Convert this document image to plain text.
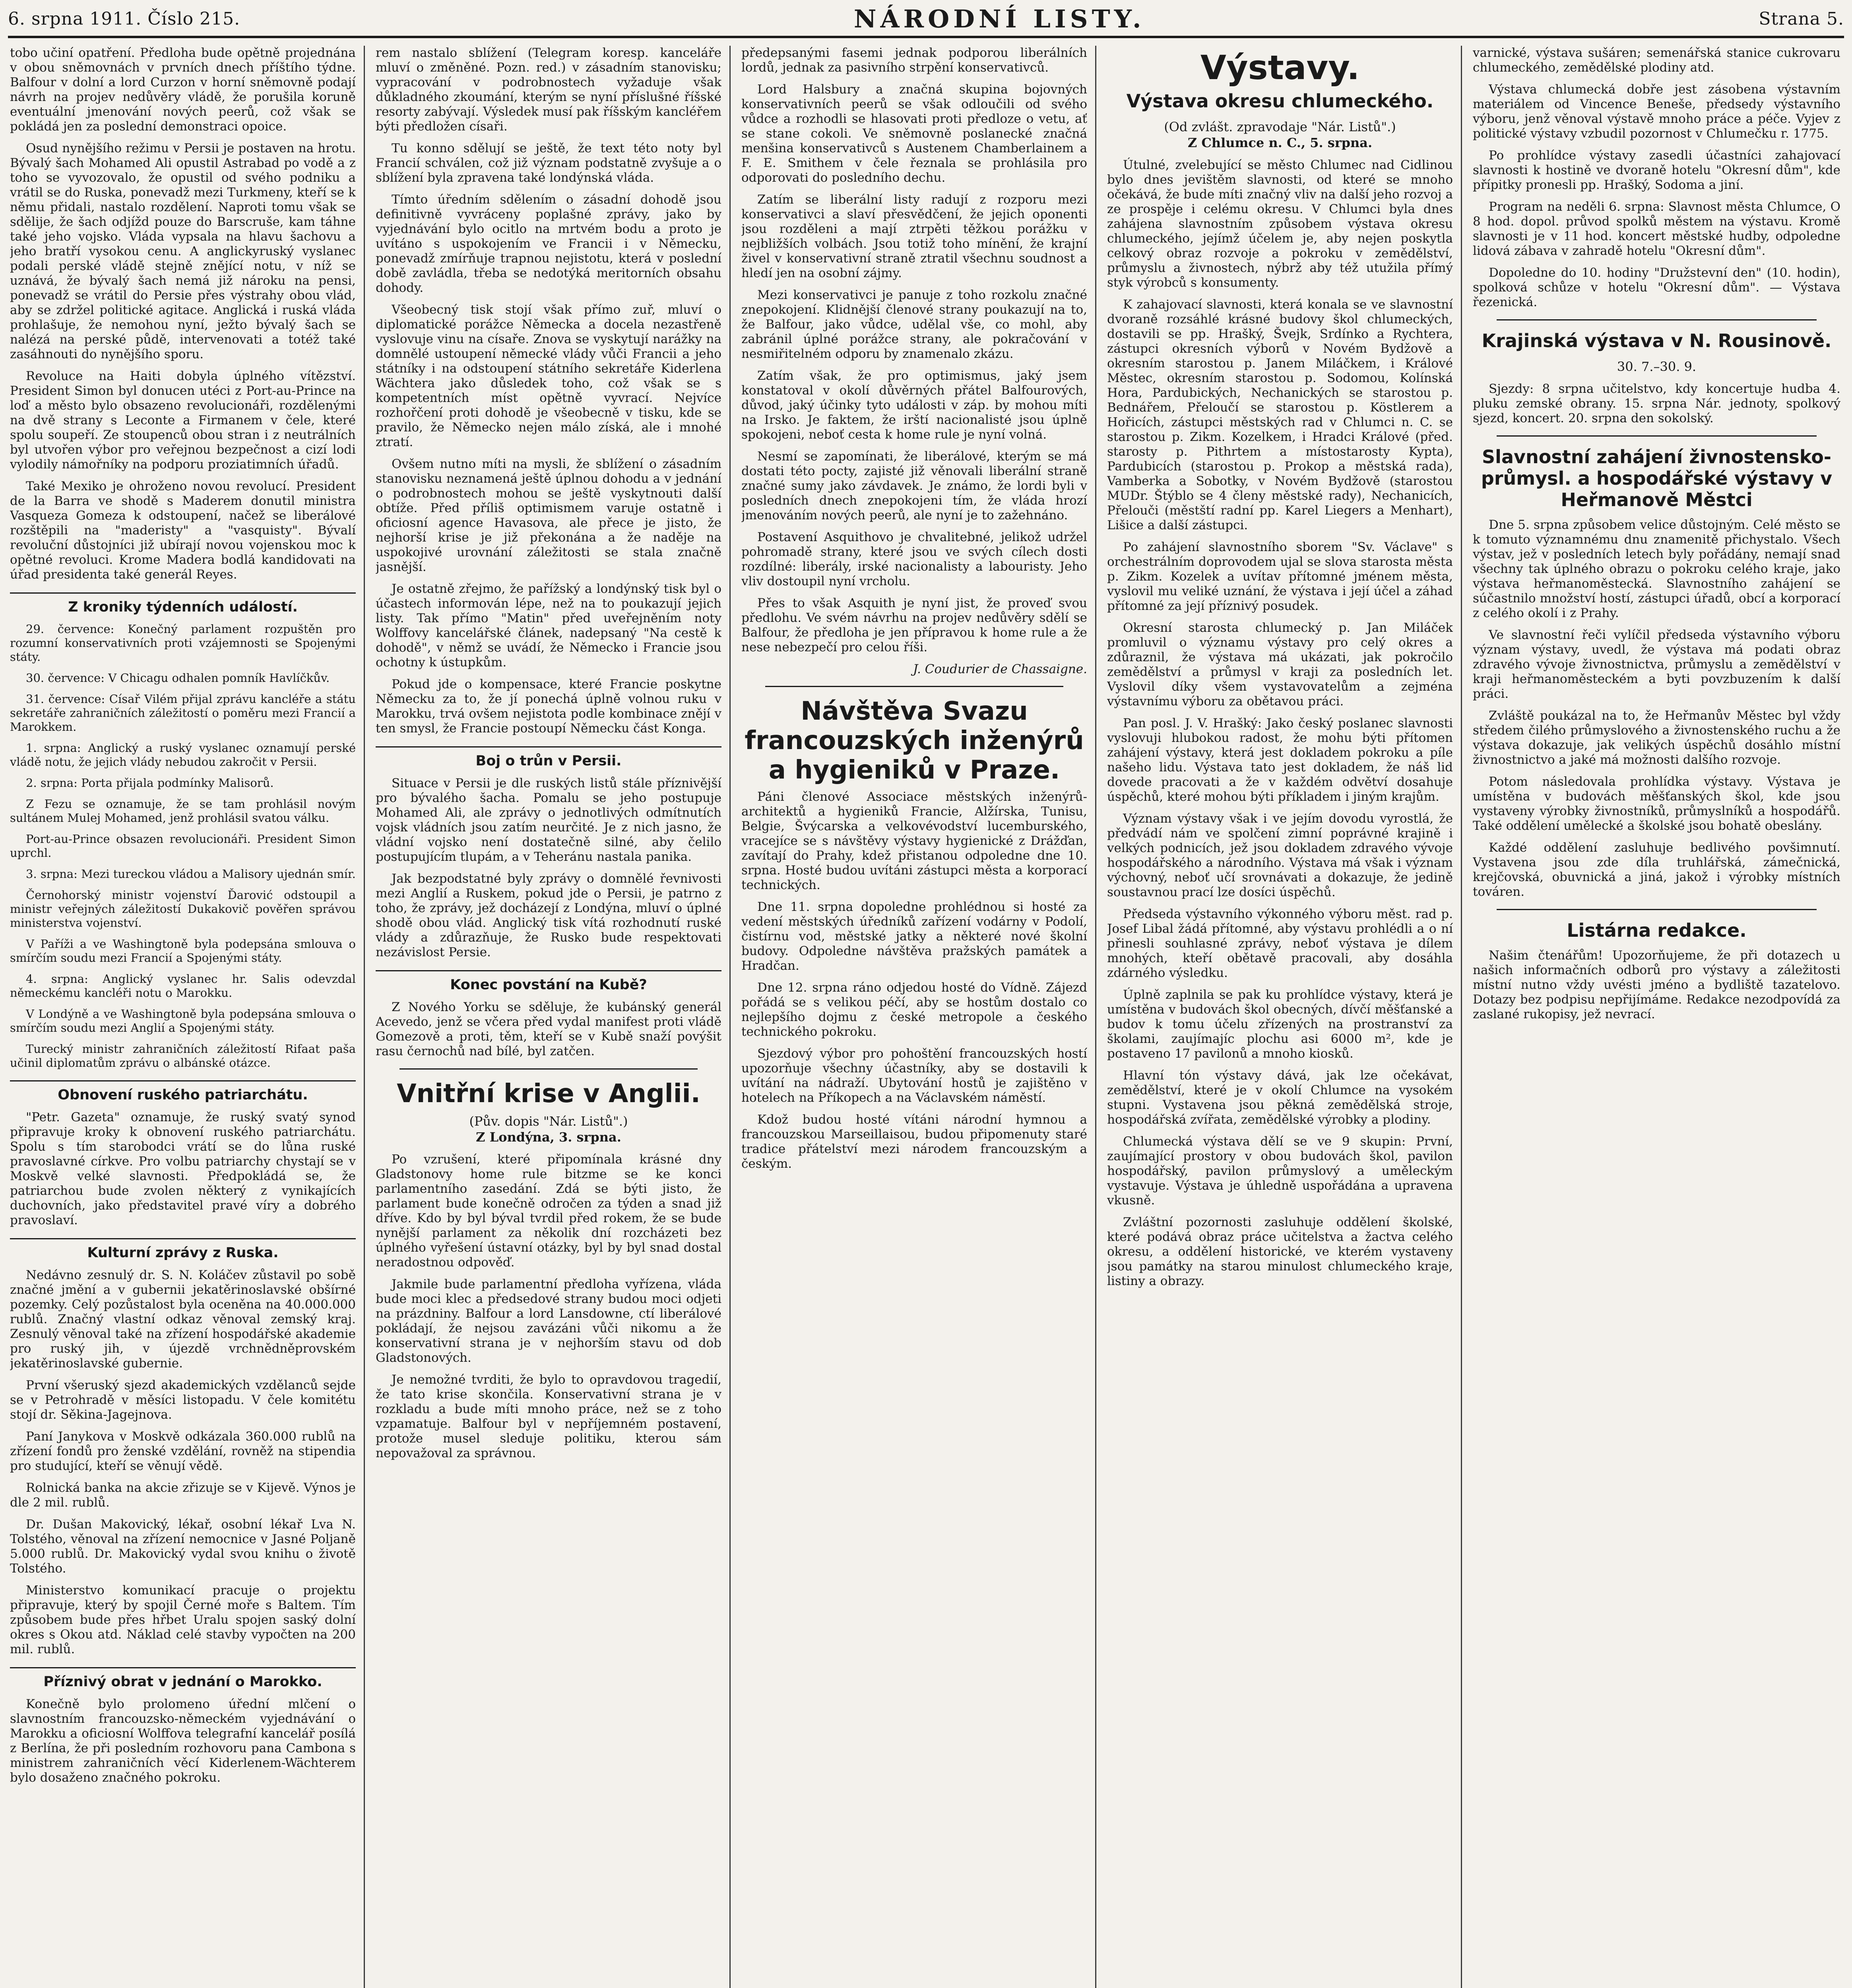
6. srpna 1911. Číslo 215.	NÁRODNÍ LISTY.	Strana 5.

tobo učiní opatření. Předloha bude opětně projednána v obou sněmovnách v prvních dnech příštího týdne. Balfour v dolní a lord Curzon v horní sněmovně podají návrh na projev nedůvěry vládě, že porušila koruně eventuální jmenování nových peerů, což však se pokládá jen za poslední demonstraci opoice.

Osud nynějšího režimu v Persii je postaven na hrotu. Bývalý šach Mohamed Ali opustil Astrabad po vodě a z toho se vyvozovalo, že opustil od svého podniku a vrátil se do Ruska, ponevadž mezi Turkmeny, kteří se k němu přidali, nastalo rozdělení. Naproti tomu však se sdělije, že šach odjížd pouze do Barscruše, kam táhne také jeho vojsko. Vláda vypsala na hlavu šachovu a jeho bratří vysokou cenu. A anglickyruský vyslanec podali perské vládě stejně znějící notu, v níž se uznává, že bývalý šach nemá již nároku na pensi, ponevadž se vrátil do Persie přes výstrahy obou vlád, aby se zdržel politické agitace. Anglická i ruská vláda prohlašuje, že nemohou nyní, ježto bývalý šach se nalézá na perské půdě, intervenovati a totéž také zasáhnouti do nynějšího sporu.

Revoluce na Haiti dobyla úplného vítězství. President Simon byl donucen utéci z Port-au-Prince na loď a město bylo obsazeno revolucionáři, rozdělenými na dvě strany s Leconte a Firmanem v čele, které spolu soupeří. Ze stoupenců obou stran i z neutrálních byl utvořen výbor pro veřejnou bezpečnost a cizí lodi vylodily námořníky na podporu proziatimních úřadů.

Také Mexiko je ohroženo novou revolucí. President de la Barra ve shodě s Maderem donutil ministra Vasqueza Gomeza k odstoupení, načež se liberálové rozštěpili na "maderisty" a "vasquisty". Bývalí revoluční důstojníci již ubírají novou vojenskou moc k opětné revoluci. Krome Madera bodlá kandidovati na úřad presidenta také generál Reyes.

Z kroniky týdenních událostí.

29. července: Konečný parlament rozpuštěn pro rozumní konservativních proti vzájemnosti se Spojenými státy.

30. července: V Chicagu odhalen pomník Havlíčkův.

31. července: Císař Vilém přijal zprávu kancléře a státu sekretáře zahraničních záležitostí o poměru mezi Francií a Marokkem.

1. srpna: Anglický a ruský vyslanec oznamují perské vládě notu, že jejich vlády nebudou zakročit v Persii.

2. srpna: Porta přijala podmínky Malisorů.

Z Fezu se oznamuje, že se tam prohlásil novým sultánem Mulej Mohamed, jenž prohlásil svatou válku.

Port-au-Prince obsazen revolucionáři. President Simon uprchl.

3. srpna: Mezi tureckou vládou a Malisory ujednán smír.

Černohorský ministr vojenství Ďarović odstoupil a ministr veřejných záležitostí Dukakovič pověřen správou ministerstva vojenství.

V Paříži a ve Washingtoně byla podepsána smlouva o smírčím soudu mezi Francií a Spojenými státy.

4. srpna: Anglický vyslanec hr. Salis odevzdal německému kancléři notu o Marokku.

V Londýně a ve Washingtoně byla podepsána smlouva o smírčím soudu mezi Anglií a Spojenými státy.

Turecký ministr zahraničních záležitostí Rifaat paša učinil diplomatům zprávu o albánské otázce.

Obnovení ruského patriarchátu.

"Petr. Gazeta" oznamuje, že ruský svatý synod připravuje kroky k obnovení ruského patriarchátu. Spolu s tím starobodci vrátí se do lůna ruské pravoslavné církve. Pro volbu patriarchy chystají se v Moskvě velké slavnosti. Předpokládá se, že patriarchou bude zvolen některý z vynikajících duchovních, jako představitel pravé víry a dobrého pravoslaví.

Kulturní zprávy z Ruska.

Nedávno zesnulý dr. S. N. Koláčev zůstavil po sobě značné jmění a v gubernii jekatěrinoslavské obšírné pozemky. Celý pozůstalost byla oceněna na 40.000.000 rublů. Značný vlastní odkaz věnoval zemský kraj. Zesnulý věnoval také na zřízení hospodářské akademie pro ruský jih, v újezdě vrchnědněprovském jekatěrinoslavské gubernie.

První všeruský sjezd akademických vzdělanců sejde se v Petrohradě v měsíci listopadu. V čele komitétu stojí dr. Sěkina-Jagejnova.

Paní Janykova v Moskvě odkázala 360.000 rublů na zřízení fondů pro ženské vzdělání, rovněž na stipendia pro studující, kteří se věnují vědě.

Rolnická banka na akcie zřizuje se v Kijevě. Výnos je dle 2 mil. rublů.

Dr. Dušan Makovický, lékař, osobní lékař Lva N. Tolstého, věnoval na zřízení nemocnice v Jasné Poljaně 5.000 rublů. Dr. Makovický vydal svou knihu o životě Tolstého.

Ministerstvo komunikací pracuje o projektu připravuje, který by spojil Černé moře s Baltem. Tím způsobem bude přes hřbet Uralu spojen saský dolní okres s Okou atd. Náklad celé stavby vypočten na 200 mil. rublů.

Příznivý obrat v jednání o Marokko.

Konečně bylo prolomeno úřední mlčení o slavnostním francouzsko-německém vyjednávání o Marokku a oficiosní Wolffova telegrafní kancelář posílá z Berlína, že při posledním rozhovoru pana Cambona s ministrem zahraničních věcí Kiderlenem-Wächterem bylo dosaženo značného pokroku.

rem nastalo sblížení (Telegram koresp. kanceláře mluví o změněné. Pozn. red.) v zásadním stanovisku; vypracování v podrobnostech vyžaduje však důkladného zkoumání, kterým se nyní příslušné říšské resorty zabývají. Výsledek musí pak říšským kancléřem býti předložen císaři.

Tu konno sdělují se ještě, že text této noty byl Francií schválen, což již význam podstatně zvyšuje a o sblížení byla zpravena také londýnská vláda.

Tímto úředním sdělením o zásadní dohodě jsou definitivně vyvráceny poplašné zprávy, jako by vyjednávání bylo ocitlo na mrtvém bodu a proto je uvítáno s uspokojením ve Francii i v Německu, ponevadž zmírňuje trapnou nejistotu, která v poslední době zavládla, třeba se nedotýká meritorních obsahu dohody.

Všeobecný tisk stojí však přímo zuř, mluví o diplomatické porážce Německa a docela nezastřeně vyslovuje vinu na císaře. Znova se vyskytují narážky na domnělé ustoupení německé vlády vůči Francii a jeho státníky i na odstoupení státního sekretáře Kiderlena Wächtera jako důsledek toho, což však se s kompetentních míst opětně vyvrací. Nejvíce rozhořčení proti dohodě je všeobecně v tisku, kde se pravilo, že Německo nejen málo získá, ale i mnohé ztratí.

Ovšem nutno míti na mysli, že sblížení o zásadním stanovisku neznamená ještě úplnou dohodu a v jednání o podrobnostech mohou se ještě vyskytnouti další obtíže. Před příliš optimismem varuje ostatně i oficiosní agence Havasova, ale přece je jisto, že nejhorší krise je již překonána a že naděje na uspokojivé urovnání záležitosti se stala značně jasnější.

Je ostatně zřejmo, že pařížský a londýnský tisk byl o účastech informován lépe, než na to poukazují jejich listy. Tak přímo "Matin" před uveřejněním noty Wolffovy kancelářské článek, nadepsaný "Na cestě k dohodě", v němž se uvádí, že Německo i Francie jsou ochotny k ústupkům.

Pokud jde o kompensace, které Francie poskytne Německu za to, že jí ponechá úplně volnou ruku v Marokku, trvá ovšem nejistota podle kombinace znějí v ten smysl, že Francie postoupí Německu část Konga.

Boj o trůn v Persii.

Situace v Persii je dle ruských listů stále příznivější pro bývalého šacha. Pomalu se jeho postupuje Mohamed Ali, ale zprávy o jednotlivých odmítnutích vojsk vládních jsou zatím neurčité. Je z nich jasno, že vládní vojsko není dostatečně silné, aby čelilo postupujícím tlupám, a v Teheránu nastala panika.

Jak bezpodstatné byly zprávy o domnělé řevnivosti mezi Anglií a Ruskem, pokud jde o Persii, je patrno z toho, že zprávy, jež docházejí z Londýna, mluví o úplné shodě obou vlád. Anglický tisk vítá rozhodnutí ruské vlády a zdůrazňuje, že Rusko bude respektovati nezávislost Persie.

Konec povstání na Kubě?

Z Nového Yorku se sděluje, že kubánský generál Acevedo, jenž se včera před vydal manifest proti vládě Gomezově a proti, těm, kteří se v Kubě snaží povýšit rasu černochů nad bílé, byl zatčen.

Vnitřní krise v Anglii.
(Pův. dopis "Nár. Listů".)
Z Londýna, 3. srpna.

Po vzrušení, které připomínala krásné dny Gladstonovy home rule bitzme se ke konci parlamentního zasedání. Zdá se býti jisto, že parlament bude konečně odročen za týden a snad již dříve. Kdo by byl býval tvrdil před rokem, že se bude nynější parlament za několik dní rozcházeti bez úplného vyřešení ústavní otázky, byl by byl snad dostal neradostnou odpověď.

Jakmile bude parlamentní předloha vyřízena, vláda bude moci klec a předsedové strany budou moci odjeti na prázdniny. Balfour a lord Lansdowne, ctí liberálové pokládají, že nejsou zavázáni vůči nikomu a že konservativní strana je v nejhorším stavu od dob Gladstonových.

Je nemožné tvrditi, že bylo to opravdovou tragedií, že tato krise skončila. Konservativní strana je v rozkladu a bude míti mnoho práce, než se z toho vzpamatuje. Balfour byl v nepříjemném postavení, protože musel sleduje politiku, kterou sám nepovažoval za správnou.

předepsanými fasemi jednak podporou liberálních lordů, jednak za pasivního strpění konservativců.

Lord Halsbury a značná skupina bojovných konservativních peerů se však odloučili od svého vůdce a rozhodli se hlasovati proti předloze o vetu, ať se stane cokoli. Ve sněmovně poslanecké značná menšina konservativců s Austenem Chamberlainem a F. E. Smithem v čele řeznala se prohlásila pro odporovati do posledního dechu.

Zatím se liberální listy radují z rozporu mezi konservativci a slaví přesvědčení, že jejich oponenti jsou rozděleni a mají ztrpěti těžkou porážku v nejbližších volbách. Jsou totiž toho mínění, že krajní živel v konservativní straně ztratil všechnu soudnost a hledí jen na osobní zájmy.

Mezi konservativci je panuje z toho rozkolu značné znepokojení. Klidnější členové strany poukazují na to, že Balfour, jako vůdce, udělal vše, co mohl, aby zabránil úplné porážce strany, ale pokračování v nesmiřitelném odporu by znamenalo zkázu.

Zatím však, že pro optimismus, jaký jsem konstatoval v okolí důvěrných přátel Balfourových, důvod, jaký účinky tyto události v záp. by mohou míti na Irsko. Je faktem, že irští nacionalisté jsou úplně spokojeni, neboť cesta k home rule je nyní volná.

Nesmí se zapomínati, že liberálové, kterým se má dostati této pocty, zajisté již věnovali liberální straně značné sumy jako závdavek. Je známo, že lordi byli v posledních dnech znepokojeni tím, že vláda hrozí jmenováním nových peerů, ale nyní je to zažehnáno.

Postavení Asquithovo je chvalitebné, jelikož udržel pohromadě strany, které jsou ve svých cílech dosti rozdílné: liberály, irské nacionalisty a labouristy. Jeho vliv dostoupil nyní vrcholu.

Přes to však Asquith je nyní jist, že proveď svou předlohu. Ve svém návrhu na projev nedůvěry sdělí se Balfour, že předloha je jen přípravou k home rule a že nese nebezpečí pro celou říši.

J. Coudurier de Chassaigne.
Návštěva Svazu francouzských inženýrů a hygieniků v Praze.

Páni členové Associace městských inženýrů-architektů a hygieniků Francie, Alžírska, Tunisu, Belgie, Švýcarska a velkovévodství lucemburského, vracejíce se s návštěvy výstavy hygienické z Drážďan, zavítají do Prahy, kdež přistanou odpoledne dne 10. srpna. Hosté budou uvítáni zástupci města a korporací technických.

Dne 11. srpna dopoledne prohlédnou si hosté za vedení městských úředníků zařízení vodárny v Podolí, čistírnu vod, městské jatky a některé nové školní budovy. Odpoledne návštěva pražských památek a Hradčan.

Dne 12. srpna ráno odjedou hosté do Vídně. Zájezd pořádá se s velikou péčí, aby se hostům dostalo co nejlepšího dojmu z české metropole a českého technického pokroku.

Sjezdový výbor pro pohoštění francouzských hostí upozorňuje všechny účastníky, aby se dostavili k uvítání na nádraží. Ubytování hostů je zajištěno v hotelech na Příkopech a na Václavském náměstí.

Kdož budou hosté vítáni národní hymnou a francouzskou Marseillaisou, budou připomenuty staré tradice přátelství mezi národem francouzským a českým.

Výstavy.
Výstava okresu chlumeckého.
(Od zvlášt. zpravodaje "Nár. Listů".)
Z Chlumce n. C., 5. srpna.

Útulné, zvelebující se město Chlumec nad Cidlinou bylo dnes jevištěm slavnosti, od které se mnoho očekává, že bude míti značný vliv na další jeho rozvoj a ze prospěje i celému okresu. V Chlumci byla dnes zahájena slavnostním způsobem výstava okresu chlumeckého, jejímž účelem je, aby nejen poskytla celkový obraz rozvoje a pokroku v zemědělství, průmyslu a živnostech, nýbrž aby též utužila přímý styk výrobců s konsumenty.

K zahajovací slavnosti, která konala se ve slavnostní dvoraně rozsáhlé krásné budovy škol chlumeckých, dostavili se pp. Hrašký, Švejk, Srdínko a Rychtera, zástupci okresních výborů v Novém Bydžově a okresním starostou p. Janem Miláčkem, i Králové Městec, okresním starostou p. Sodomou, Kolínská Hora, Pardubických, Nechanických se starostou p. Bednářem, Přeloučí se starostou p. Köstlerem a Hořicích, zástupci městských rad v Chlumci n. C. se starostou p. Zikm. Kozelkem, i Hradci Králové (před. starosty p. Pithrtem a místostarosty Kypta), Pardubicích (starostou p. Prokop a městská rada), Vamberka a Sobotky, v Novém Bydžově (starostou MUDr. Štýblo se 4 členy městské rady), Nechanicích, Přelouči (městští radní pp. Karel Liegers a Menhart), Lišice a další zástupci.

Po zahájení slavnostního sborem "Sv. Václave" s orchestrálním doprovodem ujal se slova starosta města p. Zikm. Kozelek a uvítav přítomné jménem města, vyslovil mu veliké uznání, že výstava i její účel a záhad přítomné za její příznivý posudek.

Okresní starosta chlumecký p. Jan Miláček promluvil o významu výstavy pro celý okres a zdůraznil, že výstava má ukázati, jak pokročilo zemědělství a průmysl v kraji za posledních let. Vyslovil díky všem vystavovatelům a zejména výstavnímu výboru za obětavou práci.

Pan posl. J. V. Hrašký: Jako český poslanec slavnosti vyslovuji hlubokou radost, že mohu býti přítomen zahájení výstavy, která jest dokladem pokroku a píle našeho lidu. Výstava tato jest dokladem, že náš lid dovede pracovati a že v každém odvětví dosahuje úspěchů, které mohou býti příkladem i jiným krajům.

Význam výstavy však i ve jejím dovodu vyrostlá, že předvádí nám ve spolčení zimní poprávné krajině i velkých podnicích, jež jsou dokladem zdravého vývoje hospodářského a národního. Výstava má však i význam výchovný, neboť učí srovnávati a dokazuje, že jedině soustavnou prací lze dosíci úspěchů.

Předseda výstavního výkonného výboru měst. rad p. Josef Libal žádá přítomné, aby výstavu prohlédli a o ní přinesli souhlasné zprávy, neboť výstava je dílem mnohých, kteří obětavě pracovali, aby dosáhla zdárného výsledku.

Úplně zaplnila se pak ku prohlídce výstavy, která je umístěna v budovách škol obecných, dívčí měšťanské a budov k tomu účelu zřízených na prostranství za školami, zaujímajíc plochu asi 6000 m², kde je postaveno 17 pavilonů a mnoho kiosků.

Hlavní tón výstavy dává, jak lze očekávat, zemědělství, které je v okolí Chlumce na vysokém stupni. Vystavena jsou pěkná zemědělská stroje, hospodářská zvířata, zemědělské výrobky a plodiny.

Chlumecká výstava dělí se ve 9 skupin: První, zaujímající prostory v obou budovách škol, pavilon hospodářský, pavilon průmyslový a uměleckým vystavuje. Výstava je úhledně uspořádána a upravena vkusně.

Zvláštní pozornosti zasluhuje oddělení školské, které podává obraz práce učitelstva a žactva celého okresu, a oddělení historické, ve kterém vystaveny jsou památky na starou minulost chlumeckého kraje, listiny a obrazy.

varnické, výstava sušáren; semenářská stanice cukrovaru chlumeckého, zemědělské plodiny atd.

Výstava chlumecká dobře jest zásobena výstavním materiálem od Vincence Beneše, předsedy výstavního výboru, jenž věnoval výstavě mnoho práce a péče. Vyjev z politické výstavy vzbudil pozornost v Chlumečku r. 1775.

Po prohlídce výstavy zasedli účastníci zahajovací slavnosti k hostině ve dvoraně hotelu "Okresní dům", kde přípitky pronesli pp. Hrašký, Sodoma a jiní.

Program na neděli 6. srpna: Slavnost města Chlumce, O 8 hod. dopol. průvod spolků městem na výstavu. Kromě slavnosti je v 11 hod. koncert městské hudby, odpoledne lidová zábava v zahradě hotelu "Okresní dům".

Dopoledne do 10. hodiny "Družstevní den" (10. hodin), spolková schůze v hotelu "Okresní dům". — Výstava řezenická.

Krajinská výstava v N. Rousinově.
30. 7.–30. 9.

Sjezdy: 8 srpna učitelstvo, kdy koncertuje hudba 4. pluku zemské obrany. 15. srpna Nár. jednoty, spolkový sjezd, koncert. 20. srpna den sokolský.

Slavnostní zahájení živnostensko-průmysl. a hospodářské výstavy v Heřmanově Městci

Dne 5. srpna způsobem velice důstojným. Celé město se k tomuto významnému dnu znamenitě přichystalo. Všech výstav, jež v posledních letech byly pořádány, nemají snad všechny tak úplného obrazu o pokroku celého kraje, jako výstava heřmanoměstecká. Slavnostního zahájení se súčastnilo množství hostí, zástupci úřadů, obcí a korporací z celého okolí i z Prahy.

Ve slavnostní řeči vylíčil předseda výstavního výboru význam výstavy, uvedl, že výstava má podati obraz zdravého vývoje živnostnictva, průmyslu a zemědělství v kraji heřmanoměsteckém a byti povzbuzením k další práci.

Zvláště poukázal na to, že Heřmanův Městec byl vždy středem čilého průmyslového a živnostenského ruchu a že výstava dokazuje, jak velikých úspěchů dosáhlo místní živnostnictvo a jaké má možnosti dalšího rozvoje.

Potom následovala prohlídka výstavy. Výstava je umístěna v budovách měšťanských škol, kde jsou vystaveny výrobky živnostníků, průmyslníků a hospodářů. Také oddělení umělecké a školské jsou bohatě obeslány.

Každé oddělení zasluhuje bedlivého povšimnutí. Vystavena jsou zde díla truhlářská, zámečnická, krejčovská, obuvnická a jiná, jakož i výrobky místních továren.

Listárna redakce.

Našim čtenářům! Upozorňujeme, že při dotazech u našich informačních odborů pro výstavy a záležitosti místní nutno vždy uvésti jméno a bydliště tazatelovo. Dotazy bez podpisu nepřijímáme. Redakce nezodpovídá za zaslané rukopisy, jež nevrací.
